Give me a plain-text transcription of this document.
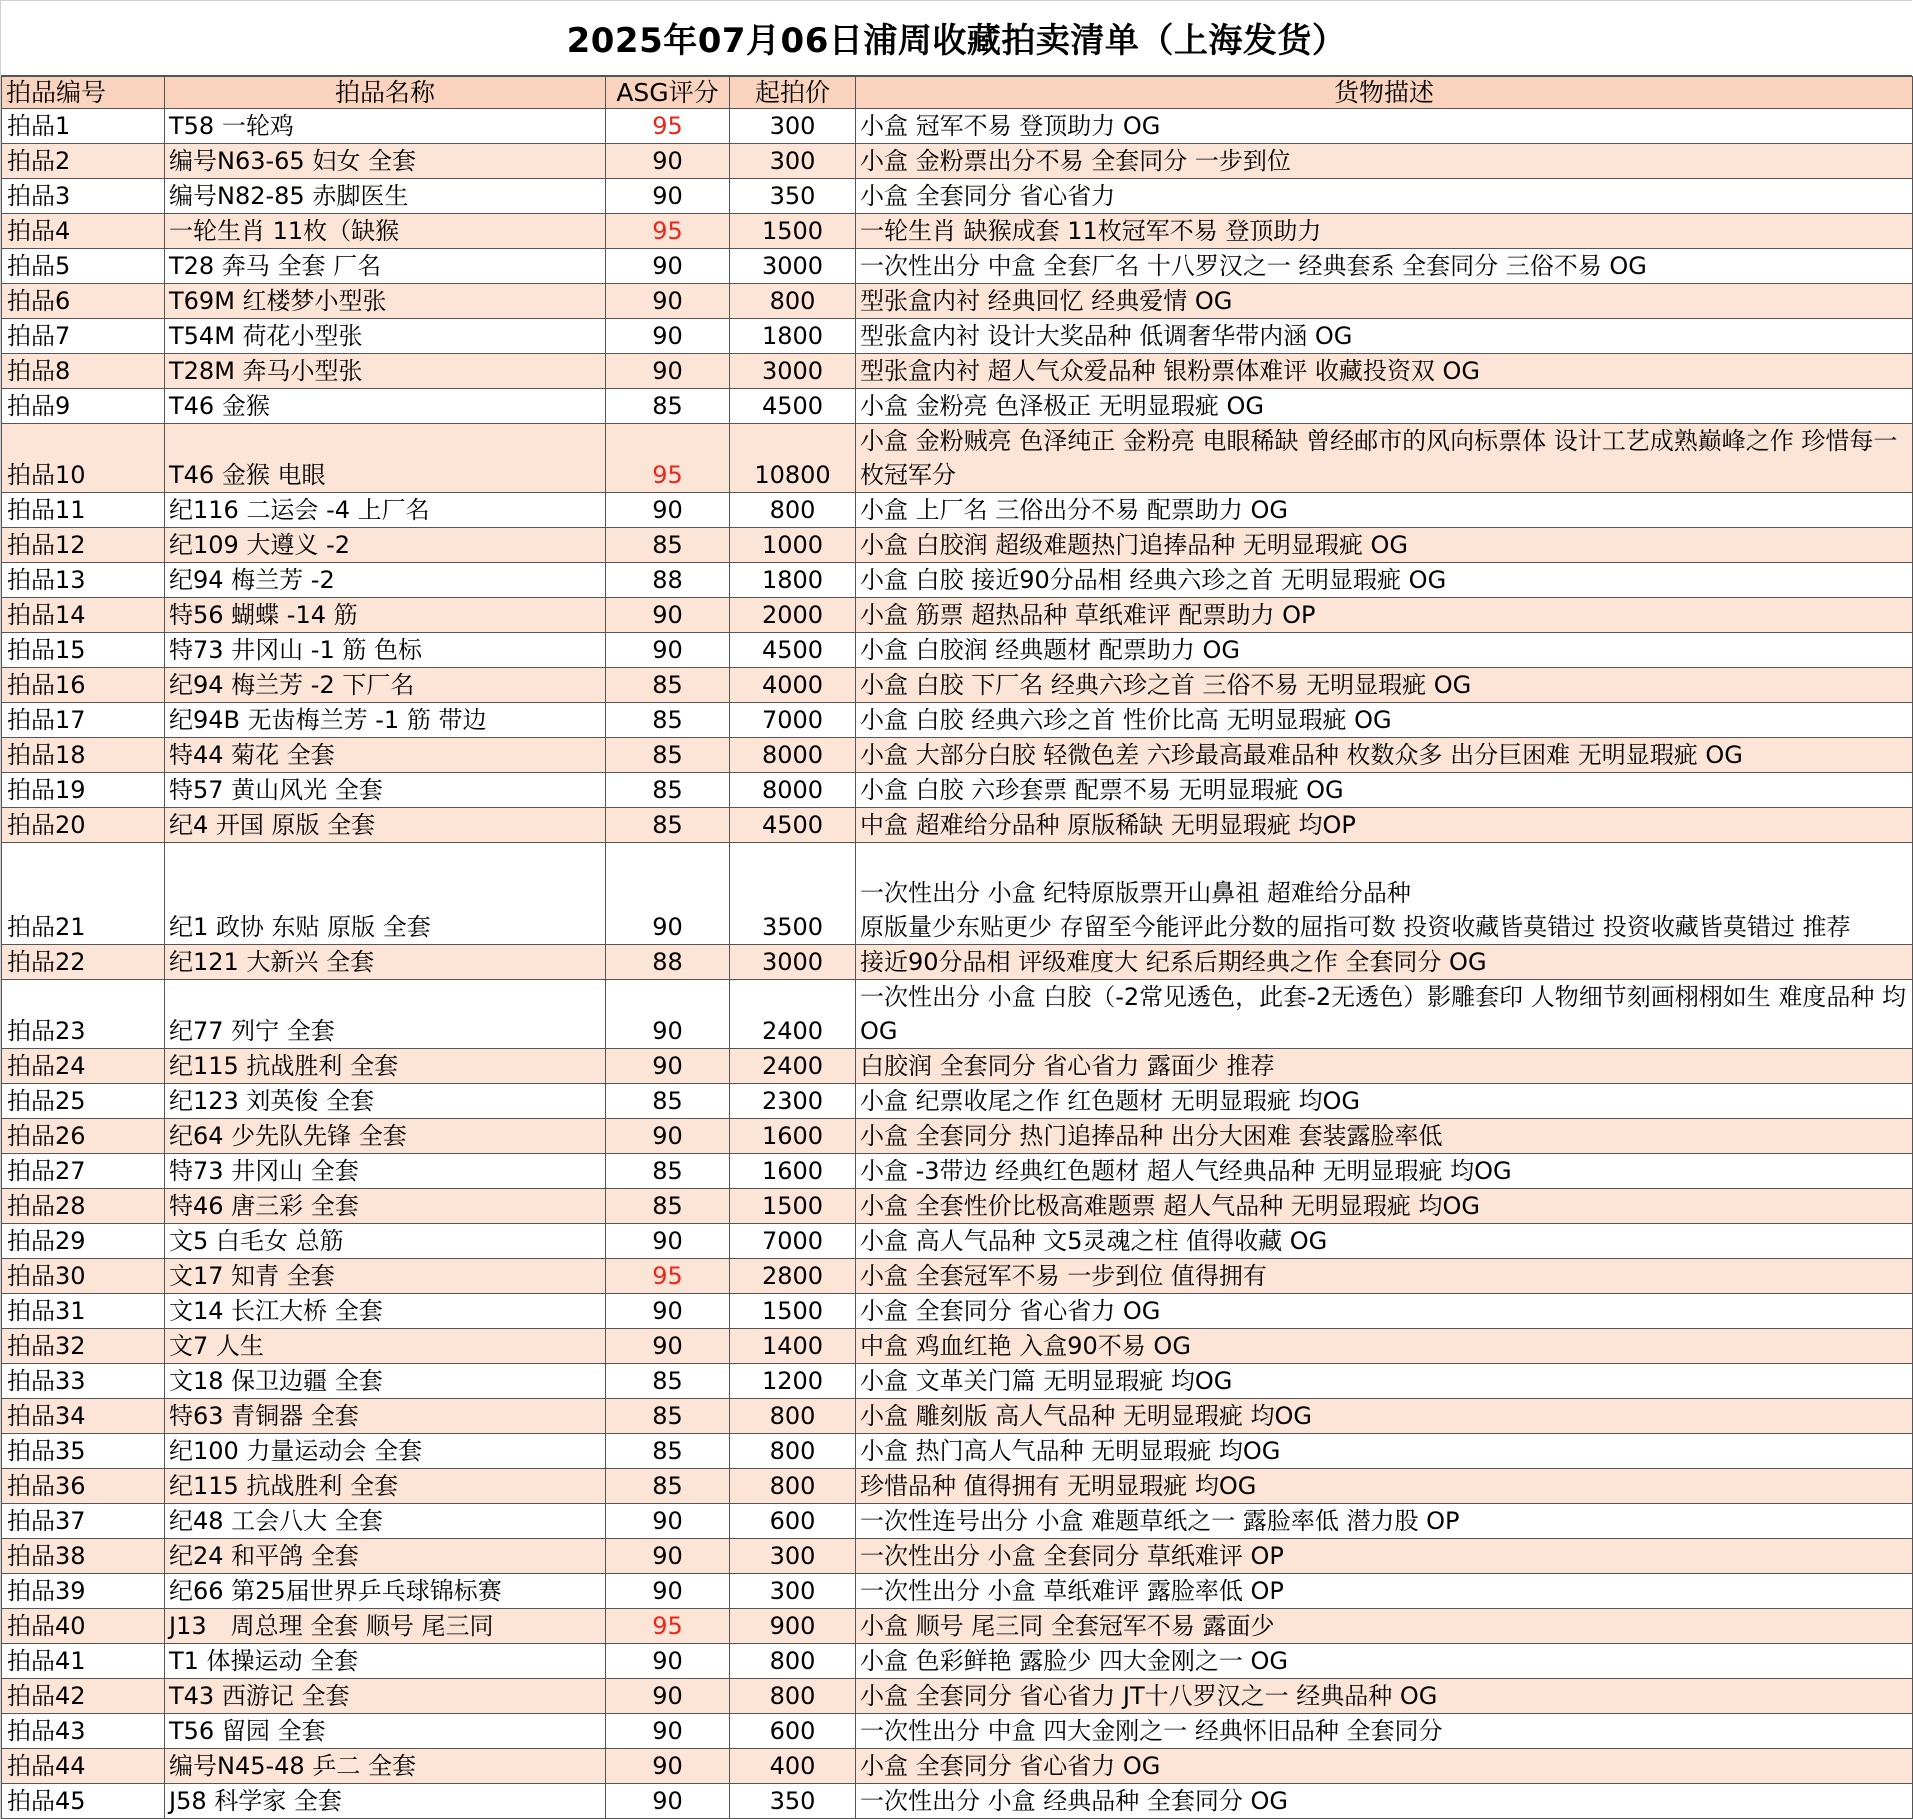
2025年07月06日浦周收藏拍卖清单（上海发货）
拍品编号	拍品名称	ASG评分	起拍价	货物描述
拍品1	T58 一轮鸡	95	300	小盒 冠军不易 登顶助力 OG
拍品2	编号N63-65 妇女 全套	90	300	小盒 金粉票出分不易 全套同分 一步到位
拍品3	编号N82-85 赤脚医生	90	350	小盒 全套同分 省心省力
拍品4	一轮生肖 11枚（缺猴	95	1500	一轮生肖 缺猴成套 11枚冠军不易 登顶助力
拍品5	T28 奔马 全套 厂名	90	3000	一次性出分 中盒 全套厂名 十八罗汉之一 经典套系 全套同分 三俗不易 OG
拍品6	T69M 红楼梦小型张	90	800	型张盒内衬 经典回忆 经典爱情 OG
拍品7	T54M 荷花小型张	90	1800	型张盒内衬 设计大奖品种 低调奢华带内涵 OG
拍品8	T28M 奔马小型张	90	3000	型张盒内衬 超人气众爱品种 银粉票体难评 收藏投资双 OG
拍品9	T46 金猴	85	4500	小盒 金粉亮 色泽极正 无明显瑕疵 OG
拍品10	T46 金猴 电眼	95	10800	小盒 金粉贼亮 色泽纯正 金粉亮 电眼稀缺 曾经邮市的风向标票体 设计工艺成熟巅峰之作 珍惜每一枚冠军分
拍品11	纪116 二运会 -4 上厂名	90	800	小盒 上厂名 三俗出分不易 配票助力 OG
拍品12	纪109 大遵义 -2	85	1000	小盒 白胶润 超级难题热门追捧品种 无明显瑕疵 OG
拍品13	纪94 梅兰芳 -2	88	1800	小盒 白胶 接近90分品相 经典六珍之首 无明显瑕疵 OG
拍品14	特56 蝴蝶 -14 筋	90	2000	小盒 筋票 超热品种 草纸难评 配票助力 OP
拍品15	特73 井冈山 -1 筋 色标	90	4500	小盒 白胶润 经典题材 配票助力 OG
拍品16	纪94 梅兰芳 -2 下厂名	85	4000	小盒 白胶 下厂名 经典六珍之首 三俗不易 无明显瑕疵 OG
拍品17	纪94B 无齿梅兰芳 -1 筋 带边	85	7000	小盒 白胶 经典六珍之首 性价比高 无明显瑕疵 OG
拍品18	特44 菊花 全套	85	8000	小盒 大部分白胶 轻微色差 六珍最高最难品种 枚数众多 出分巨困难 无明显瑕疵 OG
拍品19	特57 黄山风光 全套	85	8000	小盒 白胶 六珍套票 配票不易 无明显瑕疵 OG
拍品20	纪4 开国 原版 全套	85	4500	中盒 超难给分品种 原版稀缺 无明显瑕疵 均OP
拍品21	纪1 政协 东贴 原版 全套	90	3500	一次性出分 小盒 纪特原版票开山鼻祖 超难给分品种
原版量少东贴更少 存留至今能评此分数的屈指可数 投资收藏皆莫错过 投资收藏皆莫错过 推荐
拍品22	纪121 大新兴 全套	88	3000	接近90分品相 评级难度大 纪系后期经典之作 全套同分 OG
拍品23	纪77 列宁 全套	90	2400	一次性出分 小盒 白胶（-2常见透色，此套-2无透色）影雕套印 人物细节刻画栩栩如生 难度品种 均OG
拍品24	纪115 抗战胜利 全套	90	2400	白胶润 全套同分 省心省力 露面少 推荐
拍品25	纪123 刘英俊 全套	85	2300	小盒 纪票收尾之作 红色题材 无明显瑕疵 均OG
拍品26	纪64 少先队先锋 全套	90	1600	小盒 全套同分 热门追捧品种 出分大困难 套装露脸率低
拍品27	特73 井冈山 全套	85	1600	小盒 -3带边 经典红色题材 超人气经典品种 无明显瑕疵 均OG
拍品28	特46 唐三彩 全套	85	1500	小盒 全套性价比极高难题票 超人气品种 无明显瑕疵 均OG
拍品29	文5 白毛女 总筋	90	7000	小盒 高人气品种 文5灵魂之柱 值得收藏 OG
拍品30	文17 知青 全套	95	2800	小盒 全套冠军不易 一步到位 值得拥有
拍品31	文14 长江大桥 全套	90	1500	小盒 全套同分 省心省力 OG
拍品32	文7 人生	90	1400	中盒 鸡血红艳 入盒90不易 OG
拍品33	文18 保卫边疆 全套	85	1200	小盒 文革关门篇 无明显瑕疵 均OG
拍品34	特63 青铜器 全套	85	800	小盒 雕刻版 高人气品种 无明显瑕疵 均OG
拍品35	纪100 力量运动会 全套	85	800	小盒 热门高人气品种 无明显瑕疵 均OG
拍品36	纪115 抗战胜利 全套	85	800	珍惜品种 值得拥有 无明显瑕疵 均OG
拍品37	纪48 工会八大 全套	90	600	一次性连号出分 小盒 难题草纸之一 露脸率低 潜力股 OP
拍品38	纪24 和平鸽 全套	90	300	一次性出分 小盒 全套同分 草纸难评 OP
拍品39	纪66 第25届世界乒乓球锦标赛	90	300	一次性出分 小盒 草纸难评 露脸率低 OP
拍品40	J13　周总理 全套 顺号 尾三同	95	900	小盒 顺号 尾三同 全套冠军不易 露面少
拍品41	T1 体操运动 全套	90	800	小盒 色彩鲜艳 露脸少 四大金刚之一 OG
拍品42	T43 西游记 全套	90	800	小盒 全套同分 省心省力 JT十八罗汉之一 经典品种 OG
拍品43	T56 留园 全套	90	600	一次性出分 中盒 四大金刚之一 经典怀旧品种 全套同分
拍品44	编号N45-48 乒二 全套	90	400	小盒 全套同分 省心省力 OG
拍品45	J58 科学家 全套	90	350	一次性出分 小盒 经典品种 全套同分 OG
